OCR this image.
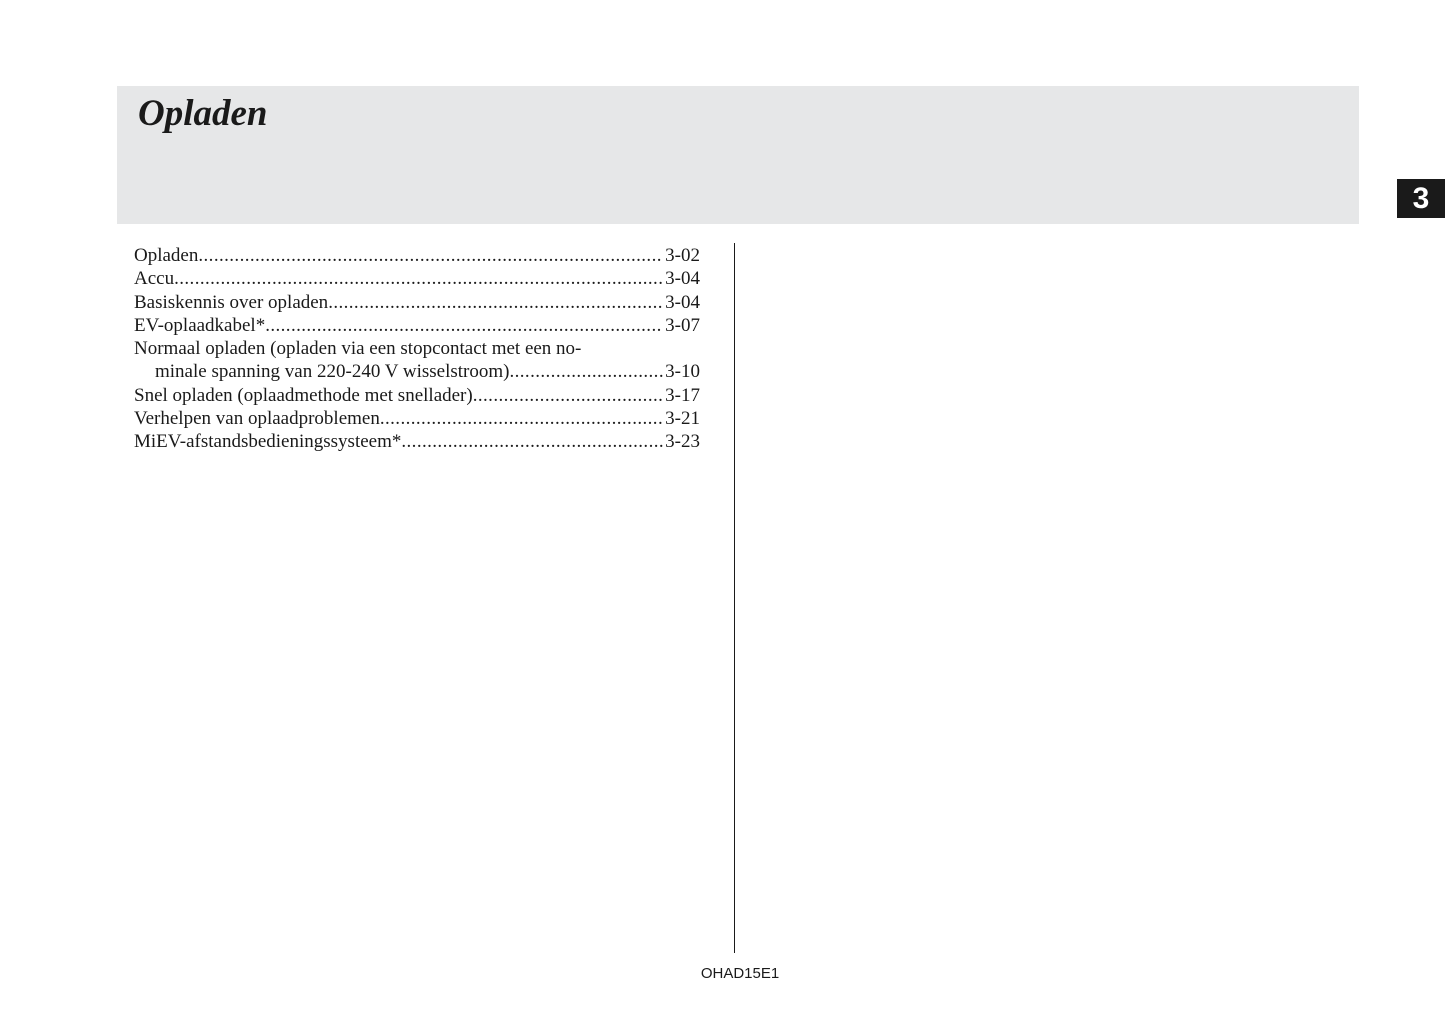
Opladen
3
Opladen .....	3-02
Accu .....	3-04
Basiskennis over opladen .....	3-04
EV-oplaadkabel* .....	3-07
Normaal opladen (opladen via een stopcontact met een no-
minale spanning van 220-240 V wisselstroom) .....	3-10
Snel opladen (oplaadmethode met snellader) .....	3-17
Verhelpen van oplaadproblemen .....	3-21
MiEV-afstandsbedieningssysteem* .....	3-23
OHAD15E1
